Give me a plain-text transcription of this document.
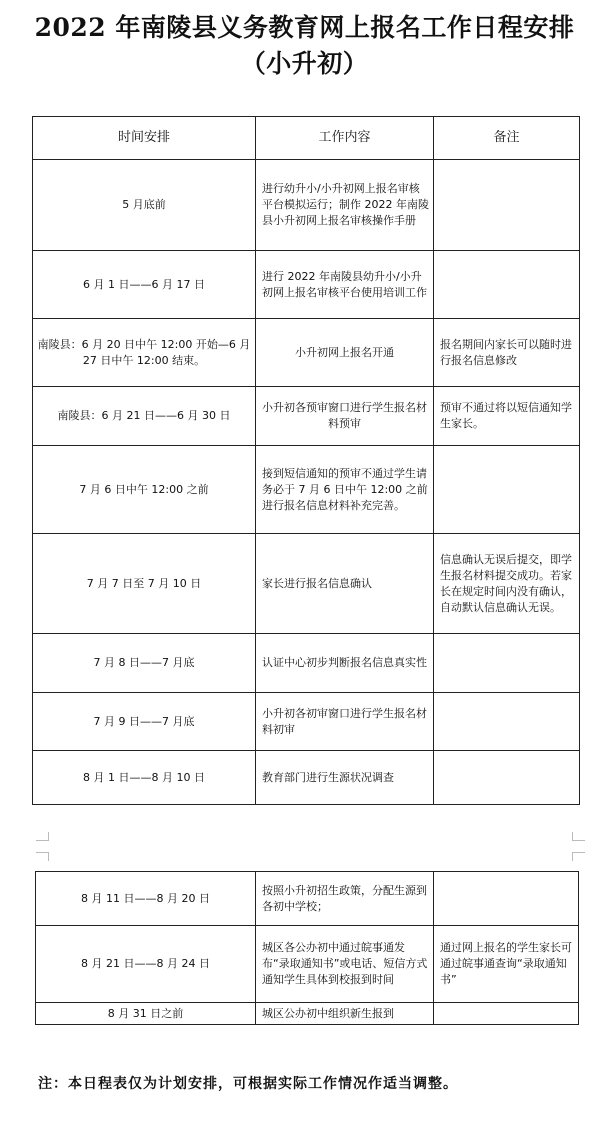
2022 年南陵县义务教育网上报名工作日程安排
（小升初）
时间安排	工作内容	备注
5 月底前	进行幼升小/小升初网上报名审核平台模拟运行；制作 2022 年南陵县小升初网上报名审核操作手册	
6 月 1 日——6 月 17 日	进行 2022 年南陵县幼升小/小升初网上报名审核平台使用培训工作	
南陵县：6 月 20 日中午 12:00 开始—6 月 27 日中午 12:00 结束。	小升初网上报名开通	报名期间内家长可以随时进行报名信息修改
南陵县：6 月 21 日——6 月 30 日	小升初各预审窗口进行学生报名材料预审	预审不通过将以短信通知学生家长。
7 月 6 日中午 12:00 之前	接到短信通知的预审不通过学生请务必于 7 月 6 日中午 12:00 之前进行报名信息材料补充完善。	
7 月 7 日至 7 月 10 日	家长进行报名信息确认	信息确认无误后提交，即学生报名材料提交成功。若家长在规定时间内没有确认，自动默认信息确认无误。
7 月 8 日——7 月底	认证中心初步判断报名信息真实性	
7 月 9 日——7 月底	小升初各初审窗口进行学生报名材料初审	
8 月 1 日——8 月 10 日	教育部门进行生源状况调查	
8 月 11 日——8 月 20 日	按照小升初招生政策，分配生源到各初中学校；	
8 月 21 日——8 月 24 日	城区各公办初中通过皖事通发布“录取通知书”或电话、短信方式通知学生具体到校报到时间	通过网上报名的学生家长可通过皖事通查询“录取通知书”
8 月 31 日之前	城区公办初中组织新生报到	

注：本日程表仅为计划安排，可根据实际工作情况作适当调整。
